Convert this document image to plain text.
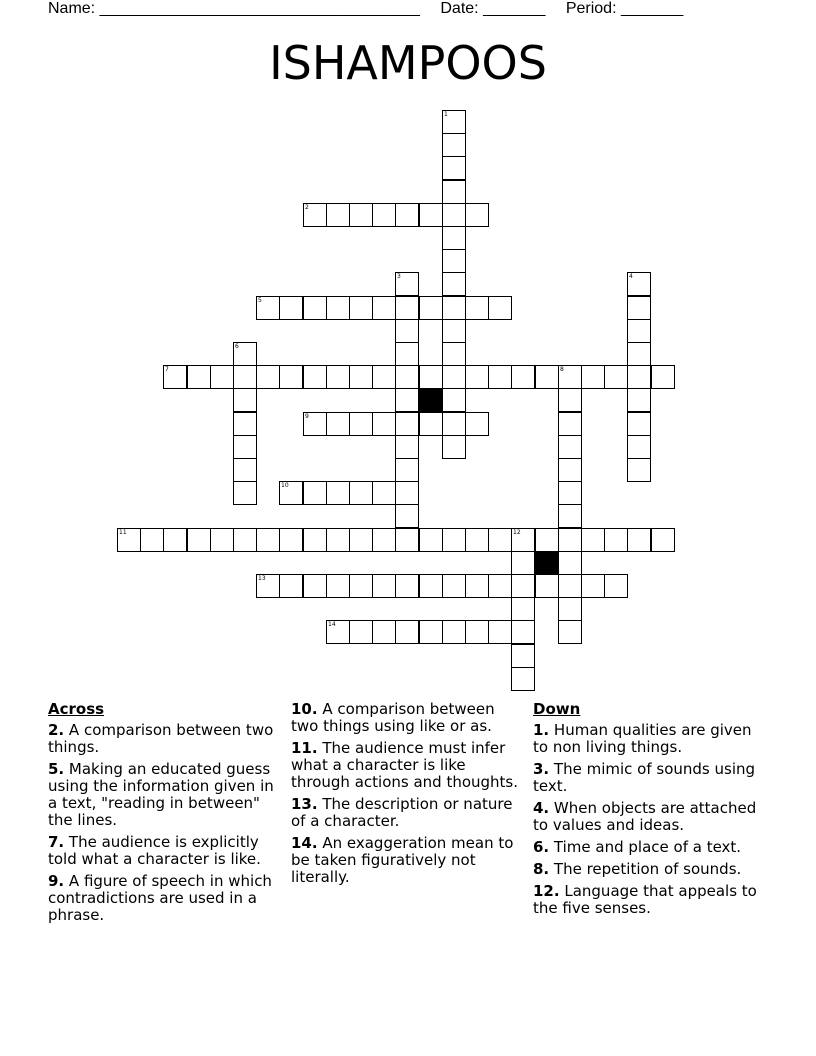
Name: ____________________________________ Date: _______ Period: _______
ISHAMPOOS
1
2
3	4
5
6
7	8
9
10
11	12
13
14
Across
2. A comparison between two things.
5. Making an educated guess using the information given in a text, "reading in between" the lines.
7. The audience is explicitly told what a character is like.
9. A figure of speech in which contradictions are used in a phrase.
10. A comparison between two things using like or as.
11. The audience must infer what a character is like through actions and thoughts.
13. The description or nature of a character.
14. An exaggeration mean to be taken figuratively not literally.
Down
1. Human qualities are given to non living things.
3. The mimic of sounds using text.
4. When objects are attached to values and ideas.
6. Time and place of a text.
8. The repetition of sounds.
12. Language that appeals to the five senses.
